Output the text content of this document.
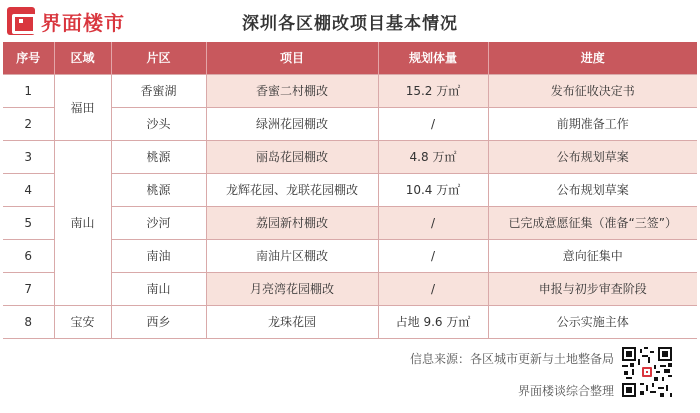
界面楼市	深圳各区棚改项目基本情况
序号	区域	片区	项目	规划体量	进度
1	福田	香蜜湖	香蜜二村棚改	15.2 万㎡	发布征收决定书
2		沙头	绿洲花园棚改	/	前期准备工作
3	南山	桃源	丽岛花园棚改	4.8 万㎡	公布规划草案
4		桃源	龙辉花园、龙联花园棚改	10.4 万㎡	公布规划草案
5		沙河	荔园新村棚改	/	已完成意愿征集（准备“三签”）
6		南油	南油片区棚改	/	意向征集中
7		南山	月亮湾花园棚改	/	申报与初步审查阶段
8	宝安	西乡	龙珠花园	占地 9.6 万㎡	公示实施主体
信息来源：各区城市更新与土地整备局
界面楼谈综合整理
